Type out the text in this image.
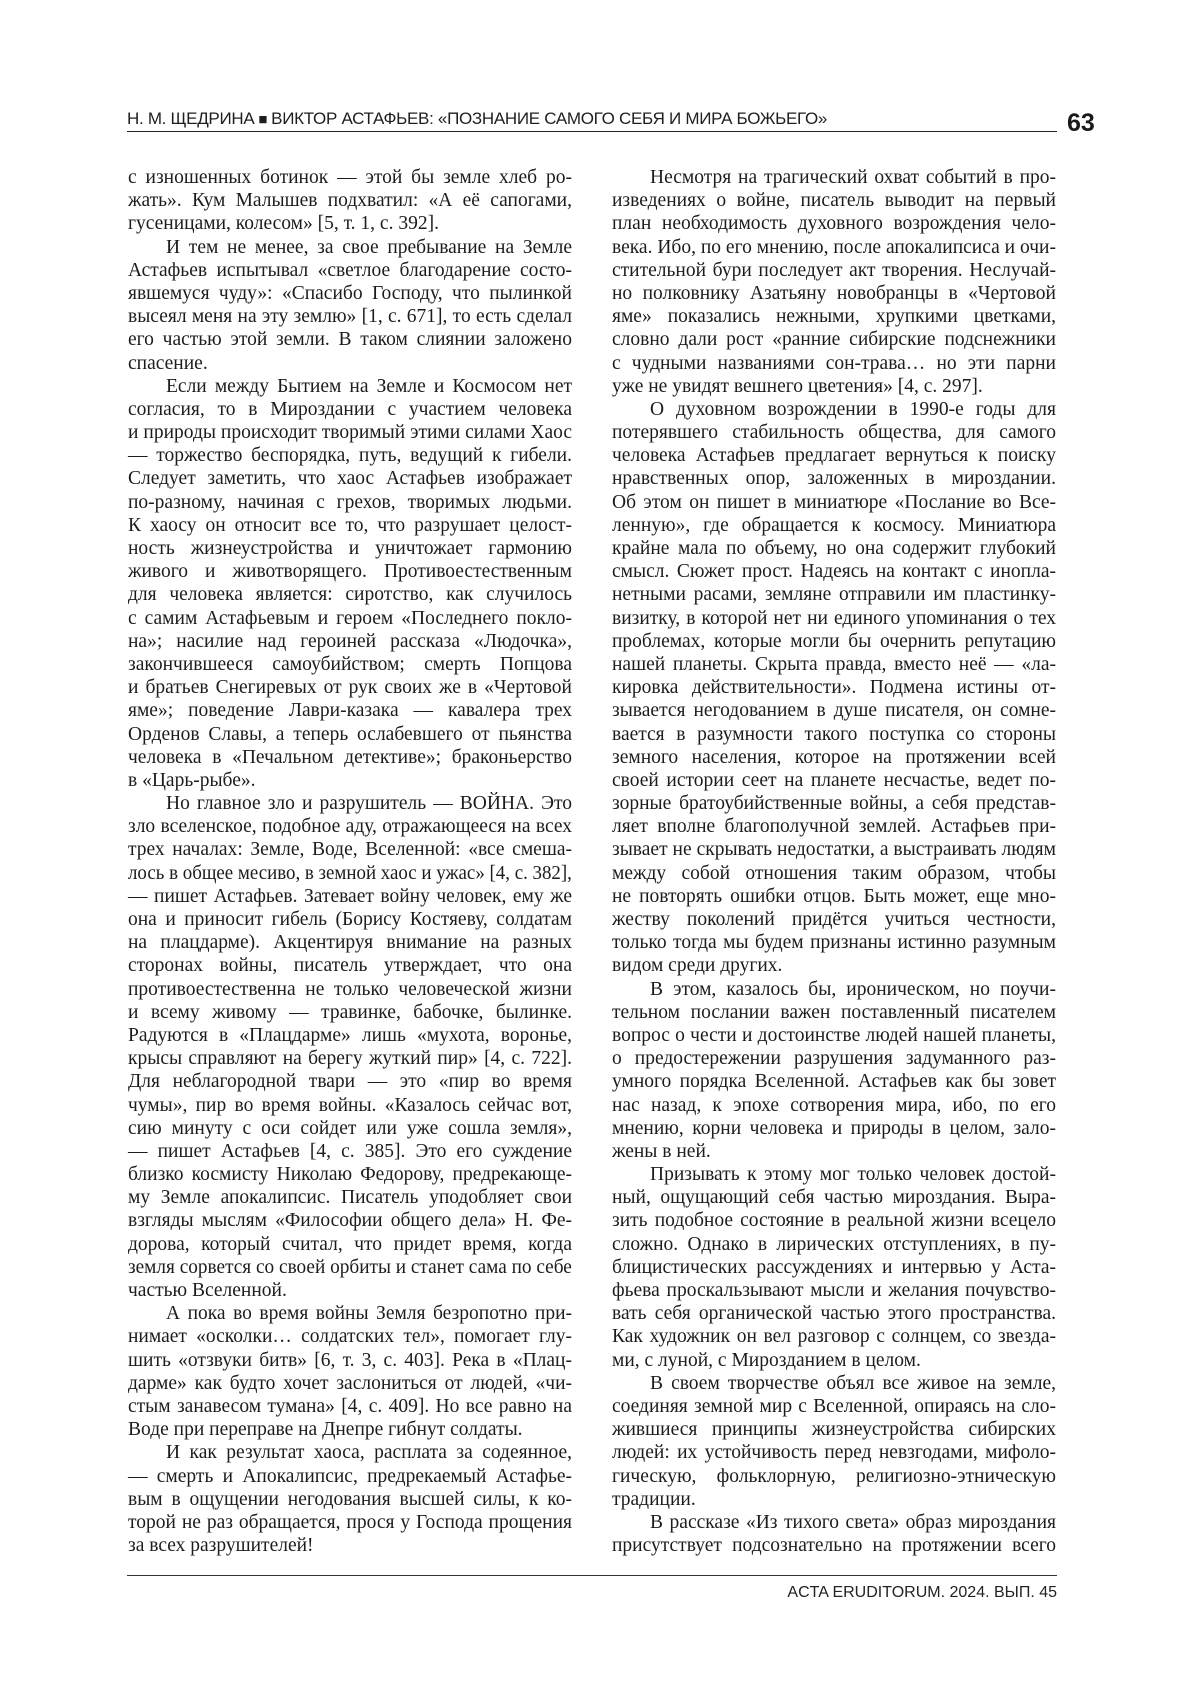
Н. М. ЩЕДРИНА ■ ВИКТОР АСТАФЬЕВ: «ПОЗНАНИЕ САМОГО СЕБЯ И МИРА БОЖЬЕГО»	63
с изношенных ботинок — этой бы земле хлеб ро-
жать». Кум Малышев подхватил: «А её сапогами,
гусеницами, колесом» [5, т. 1, с. 392].
И тем не менее, за свое пребывание на Земле
Астафьев испытывал «светлое благодарение состо-
явшемуся чуду»: «Спасибо Господу, что пылинкой
высеял меня на эту землю» [1, с. 671], то есть сделал
его частью этой земли. В таком слиянии заложено
спасение.
Если между Бытием на Земле и Космосом нет
согласия, то в Мироздании с участием человека
и природы происходит творимый этими силами Хаос
— торжество беспорядка, путь, ведущий к гибели.
Следует заметить, что хаос Астафьев изображает
по-разному, начиная с грехов, творимых людьми.
К хаосу он относит все то, что разрушает целост-
ность жизнеустройства и уничтожает гармонию
живого и животворящего. Противоестественным
для человека является: сиротство, как случилось
с самим Астафьевым и героем «Последнего покло-
на»; насилие над героиней рассказа «Людочка»,
закончившееся самоубийством; смерть Попцова
и братьев Снегиревых от рук своих же в «Чертовой
яме»; поведение Лаври-казака — кавалера трех
Орденов Славы, а теперь ослабевшего от пьянства
человека в «Печальном детективе»; браконьерство
в «Царь-рыбе».
Но главное зло и разрушитель — ВОЙНА. Это
зло вселенское, подобное аду, отражающееся на всех
трех началах: Земле, Воде, Вселенной: «все смеша-
лось в общее месиво, в земной хаос и ужас» [4, с. 382],
— пишет Астафьев. Затевает войну человек, ему же
она и приносит гибель (Борису Костяеву, солдатам
на плацдарме). Акцентируя внимание на разных
сторонах войны, писатель утверждает, что она
противоестественна не только человеческой жизни
и всему живому — травинке, бабочке, былинке.
Радуются в «Плацдарме» лишь «мухота, воронье,
крысы справляют на берегу жуткий пир» [4, с. 722].
Для неблагородной твари — это «пир во время
чумы», пир во время войны. «Казалось сейчас вот,
сию минуту с оси сойдет или уже сошла земля»,
— пишет Астафьев [4, с. 385]. Это его суждение
близко космисту Николаю Федорову, предрекающе-
му Земле апокалипсис. Писатель уподобляет свои
взгляды мыслям «Философии общего дела» Н. Фе-
дорова, который считал, что придет время, когда
земля сорвется со своей орбиты и станет сама по себе
частью Вселенной.
А пока во время войны Земля безропотно при-
нимает «осколки… солдатских тел», помогает глу-
шить «отзвуки битв» [6, т. 3, с. 403]. Река в «Плац-
дарме» как будто хочет заслониться от людей, «чи-
стым занавесом тумана» [4, с. 409]. Но все равно на
Воде при переправе на Днепре гибнут солдаты.
И как результат хаоса, расплата за содеянное,
— смерть и Апокалипсис, предрекаемый Астафье-
вым в ощущении негодования высшей силы, к ко-
торой не раз обращается, прося у Господа прощения
за всех разрушителей!
Несмотря на трагический охват событий в про-
изведениях о войне, писатель выводит на первый
план необходимость духовного возрождения чело-
века. Ибо, по его мнению, после апокалипсиса и очи-
стительной бури последует акт творения. Неслучай-
но полковнику Азатьяну новобранцы в «Чертовой
яме» показались нежными, хрупкими цветками,
словно дали рост «ранние сибирские подснежники
с чудными названиями сон-трава… но эти парни
уже не увидят вешнего цветения» [4, с. 297].
О духовном возрождении в 1990-е годы для
потерявшего стабильность общества, для самого
человека Астафьев предлагает вернуться к поиску
нравственных опор, заложенных в мироздании.
Об этом он пишет в миниатюре «Послание во Все-
ленную», где обращается к космосу. Миниатюра
крайне мала по объему, но она содержит глубокий
смысл. Сюжет прост. Надеясь на контакт с инопла-
нетными расами, земляне отправили им пластинку-
визитку, в которой нет ни единого упоминания о тех
проблемах, которые могли бы очернить репутацию
нашей планеты. Скрыта правда, вместо неё — «ла-
кировка действительности». Подмена истины от-
зывается негодованием в душе писателя, он сомне-
вается в разумности такого поступка со стороны
земного населения, которое на протяжении всей
своей истории сеет на планете несчастье, ведет по-
зорные братоубийственные войны, а себя представ-
ляет вполне благополучной землей. Астафьев при-
зывает не скрывать недостатки, а выстраивать людям
между собой отношения таким образом, чтобы
не повторять ошибки отцов. Быть может, еще мно-
жеству поколений придётся учиться честности,
только тогда мы будем признаны истинно разумным
видом среди других.
В этом, казалось бы, ироническом, но поучи-
тельном послании важен поставленный писателем
вопрос о чести и достоинстве людей нашей планеты,
о предостережении разрушения задуманного раз-
умного порядка Вселенной. Астафьев как бы зовет
нас назад, к эпохе сотворения мира, ибо, по его
мнению, корни человека и природы в целом, зало-
жены в ней.
Призывать к этому мог только человек достой-
ный, ощущающий себя частью мироздания. Выра-
зить подобное состояние в реальной жизни всецело
сложно. Однако в лирических отступлениях, в пу-
блицистических рассуждениях и интервью у Аста-
фьева проскальзывают мысли и желания почувство-
вать себя органической частью этого пространства.
Как художник он вел разговор с солнцем, со звезда-
ми, с луной, с Мирозданием в целом.
В своем творчестве объял все живое на земле,
соединяя земной мир с Вселенной, опираясь на сло-
жившиеся принципы жизнеустройства сибирских
людей: их устойчивость перед невзгодами, мифоло-
гическую, фольклорную, религиозно-этническую
традиции.
В рассказе «Из тихого света» образ мироздания
присутствует подсознательно на протяжении всего
ACTA ERUDITORUM. 2024. ВЫП. 45
